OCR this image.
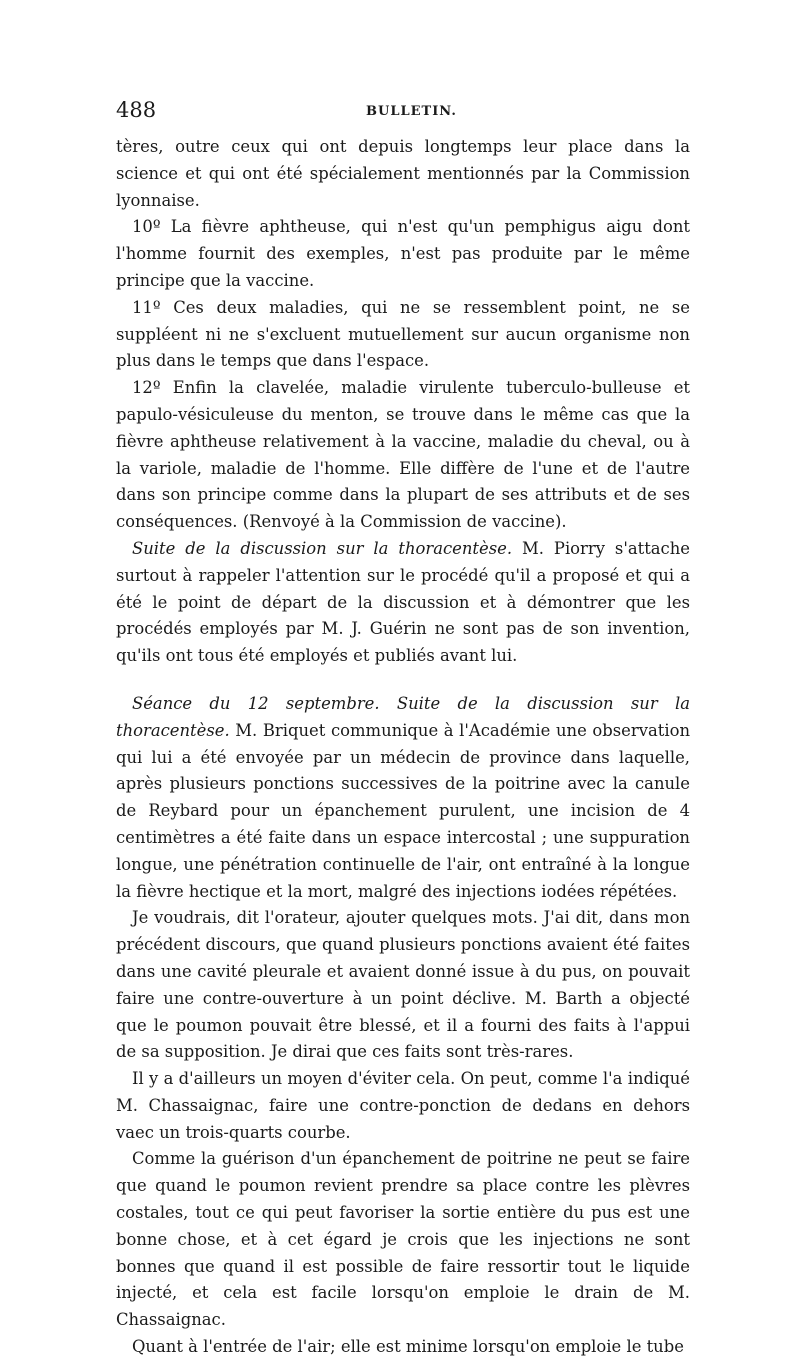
488	BULLETIN.

tères, outre ceux qui ont depuis longtemps leur place dans la science et qui ont été spécialement mentionnés par la Commission lyonnaise.

10º La fièvre aphtheuse, qui n'est qu'un pemphigus aigu dont l'homme fournit des exemples, n'est pas produite par le même principe que la vaccine.

11º Ces deux maladies, qui ne se ressemblent point, ne se suppléent ni ne s'excluent mutuellement sur aucun organisme non plus dans le temps que dans l'espace.

12º Enfin la clavelée, maladie virulente tuberculo-bulleuse et papulo-vésiculeuse du menton, se trouve dans le même cas que la fièvre aphtheuse relativement à la vaccine, maladie du cheval, ou à la variole, maladie de l'homme. Elle diffère de l'une et de l'autre dans son principe comme dans la plupart de ses attributs et de ses conséquences. (Renvoyé à la Commission de vaccine).

Suite de la discussion sur la thoracentèse. M. Piorry s'attache surtout à rappeler l'attention sur le procédé qu'il a proposé et qui a été le point de départ de la discussion et à démontrer que les procédés employés par M. J. Guérin ne sont pas de son invention, qu'ils ont tous été employés et publiés avant lui.

Séance du 12 septembre. Suite de la discussion sur la thoracentèse. M. Briquet communique à l'Académie une observation qui lui a été envoyée par un médecin de province dans laquelle, après plusieurs ponctions successives de la poitrine avec la canule de Reybard pour un épanchement purulent, une incision de 4 centimètres a été faite dans un espace intercostal ; une suppuration longue, une pénétration continuelle de l'air, ont entraîné à la longue la fièvre hectique et la mort, malgré des injections iodées répétées.

Je voudrais, dit l'orateur, ajouter quelques mots. J'ai dit, dans mon précédent discours, que quand plusieurs ponctions avaient été faites dans une cavité pleurale et avaient donné issue à du pus, on pouvait faire une contre-ouverture à un point déclive. M. Barth a objecté que le poumon pouvait être blessé, et il a fourni des faits à l'appui de sa supposition. Je dirai que ces faits sont très-rares.

Il y a d'ailleurs un moyen d'éviter cela. On peut, comme l'a indiqué M. Chassaignac, faire une contre-ponction de dedans en dehors vaec un trois-quarts courbe.

Comme la guérison d'un épanchement de poitrine ne peut se faire que quand le poumon revient prendre sa place contre les plèvres costales, tout ce qui peut favoriser la sortie entière du pus est une bonne chose, et à cet égard je crois que les injections ne sont bonnes que quand il est possible de faire ressortir tout le liquide injecté, et cela est facile lorsqu'on emploie le drain de M. Chassaignac.

Quant à l'entrée de l'air; elle est minime lorsqu'on emploie le tube
